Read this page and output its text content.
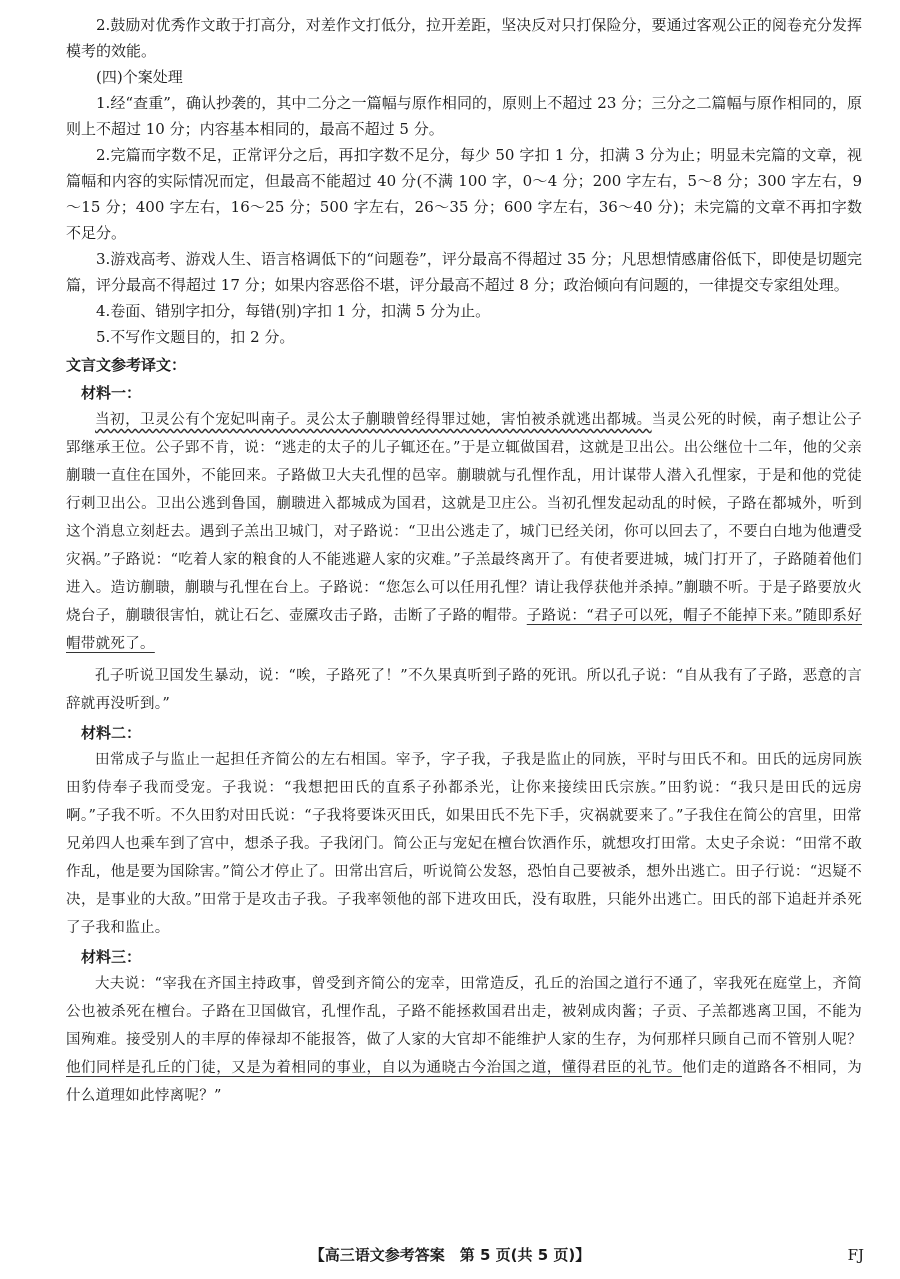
2.鼓励对优秀作文敢于打高分，对差作文打低分，拉开差距，坚决反对只打保险分，要通过客观公正的阅卷充分发挥模考的效能。

(四)个案处理

1.经“查重”，确认抄袭的，其中二分之一篇幅与原作相同的，原则上不超过 23 分；三分之二篇幅与原作相同的，原则上不超过 10 分；内容基本相同的，最高不超过 5 分。

2.完篇而字数不足，正常评分之后，再扣字数不足分，每少 50 字扣 1 分，扣满 3 分为止；明显未完篇的文章，视篇幅和内容的实际情况而定，但最高不能超过 40 分(不满 100 字，0～4 分；200 字左右，5～8 分；300 字左右，9～15 分；400 字左右，16～25 分；500 字左右，26～35 分；600 字左右，36～40 分)；未完篇的文章不再扣字数不足分。

3.游戏高考、游戏人生、语言格调低下的“问题卷”，评分最高不得超过 35 分；凡思想情感庸俗低下，即使是切题完篇，评分最高不得超过 17 分；如果内容恶俗不堪，评分最高不超过 8 分；政治倾向有问题的，一律提交专家组处理。

4.卷面、错别字扣分，每错(别)字扣 1 分，扣满 5 分为止。

5.不写作文题目的，扣 2 分。

文言文参考译文：

材料一：

当初，卫灵公有个宠妃叫南子。灵公太子蒯聩曾经得罪过她，害怕被杀就逃出都城。当灵公死的时候，南子想让公子郢继承王位。公子郢不肯，说：“逃走的太子的儿子辄还在。”于是立辄做国君，这就是卫出公。出公继位十二年，他的父亲蒯聩一直住在国外，不能回来。子路做卫大夫孔悝的邑宰。蒯聩就与孔悝作乱，用计谋带人潜入孔悝家，于是和他的党徒行刺卫出公。卫出公逃到鲁国，蒯聩进入都城成为国君，这就是卫庄公。当初孔悝发起动乱的时候，子路在都城外，听到这个消息立刻赶去。遇到子羔出卫城门，对子路说：“卫出公逃走了，城门已经关闭，你可以回去了，不要白白地为他遭受灾祸。”子路说：“吃着人家的粮食的人不能逃避人家的灾难。”子羔最终离开了。有使者要进城，城门打开了，子路随着他们进入。造访蒯聩，蒯聩与孔悝在台上。子路说：“您怎么可以任用孔悝？请让我俘获他并杀掉。”蒯聩不听。于是子路要放火烧台子，蒯聩很害怕，就让石乞、壶黡攻击子路，击断了子路的帽带。子路说：“君子可以死，帽子不能掉下来。”随即系好帽带就死了。

孔子听说卫国发生暴动，说：“唉，子路死了！”不久果真听到子路的死讯。所以孔子说：“自从我有了子路，恶意的言辞就再没听到。”

材料二：

田常成子与监止一起担任齐简公的左右相国。宰予，字子我，子我是监止的同族，平时与田氏不和。田氏的远房同族田豹侍奉子我而受宠。子我说：“我想把田氏的直系子孙都杀光，让你来接续田氏宗族。”田豹说：“我只是田氏的远房啊。”子我不听。不久田豹对田氏说：“子我将要诛灭田氏，如果田氏不先下手，灾祸就要来了。”子我住在简公的宫里，田常兄弟四人也乘车到了宫中，想杀子我。子我闭门。简公正与宠妃在檀台饮酒作乐，就想攻打田常。太史子余说：“田常不敢作乱，他是要为国除害。”简公才停止了。田常出宫后，听说简公发怒，恐怕自己要被杀，想外出逃亡。田子行说：“迟疑不决，是事业的大敌。”田常于是攻击子我。子我率领他的部下进攻田氏，没有取胜，只能外出逃亡。田氏的部下追赶并杀死了子我和监止。

材料三：

大夫说：“宰我在齐国主持政事，曾受到齐简公的宠幸，田常造反，孔丘的治国之道行不通了，宰我死在庭堂上，齐简公也被杀死在檀台。子路在卫国做官，孔悝作乱，子路不能拯救国君出走，被剁成肉酱；子贡、子羔都逃离卫国，不能为国殉难。接受别人的丰厚的俸禄却不能报答，做了人家的大官却不能维护人家的生存，为何那样只顾自己而不管别人呢？他们同样是孔丘的门徒，又是为着相同的事业，自以为通晓古今治国之道，懂得君臣的礼节。他们走的道路各不相同，为什么道理如此悖离呢？”

【高三语文参考答案　第 5 页(共 5 页)】	FJ
